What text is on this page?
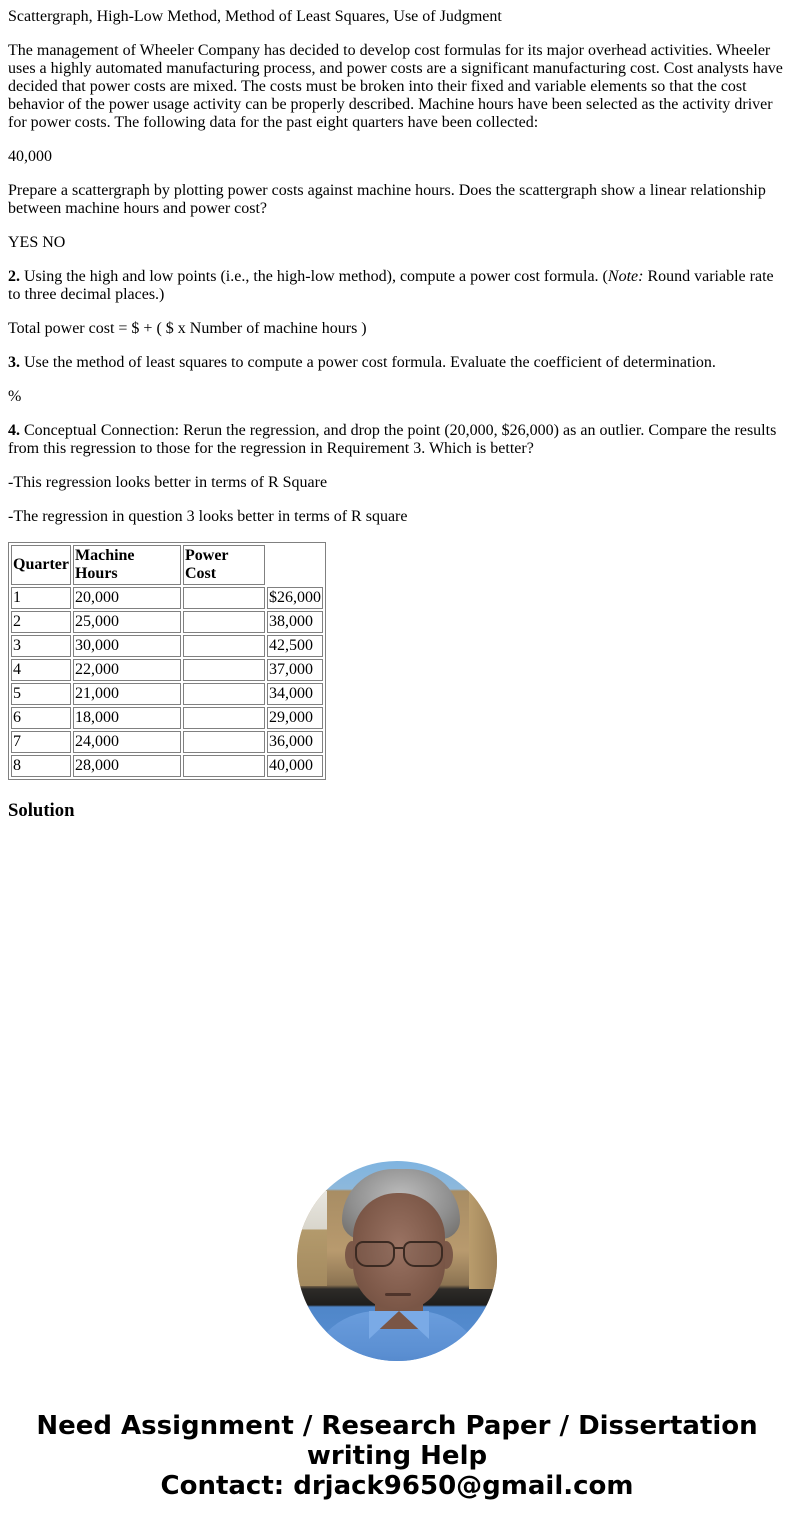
Scattergraph, High-Low Method, Method of Least Squares, Use of Judgment

The management of Wheeler Company has decided to develop cost formulas for its major overhead activities. Wheeler uses a highly automated manufacturing process, and power costs are a significant manufacturing cost. Cost analysts have decided that power costs are mixed. The costs must be broken into their fixed and variable elements so that the cost behavior of the power usage activity can be properly described. Machine hours have been selected as the activity driver for power costs. The following data for the past eight quarters have been collected:

40,000

Prepare a scattergraph by plotting power costs against machine hours. Does the scattergraph show a linear relationship between machine hours and power cost?

YES NO

2. Using the high and low points (i.e., the high-low method), compute a power cost formula. (Note: Round variable rate to three decimal places.)

Total power cost = $ + ( $ x Number of machine hours )

3. Use the method of least squares to compute a power cost formula. Evaluate the coefficient of determination.

%

4. Conceptual Connection: Rerun the regression, and drop the point (20,000, $26,000) as an outlier. Compare the results from this regression to those for the regression in Requirement 3. Which is better?

-This regression looks better in terms of R Square

-The regression in question 3 looks better in terms of R square

Quarter	Machine Hours	Power Cost	
1	20,000		$26,000
2	25,000		38,000
3	30,000		42,500
4	22,000		37,000
5	21,000		34,000
6	18,000		29,000
7	24,000		36,000
8	28,000		40,000
Solution
Need Assignment / Research Paper / Dissertation
writing Help
Contact: drjack9650@gmail.com
